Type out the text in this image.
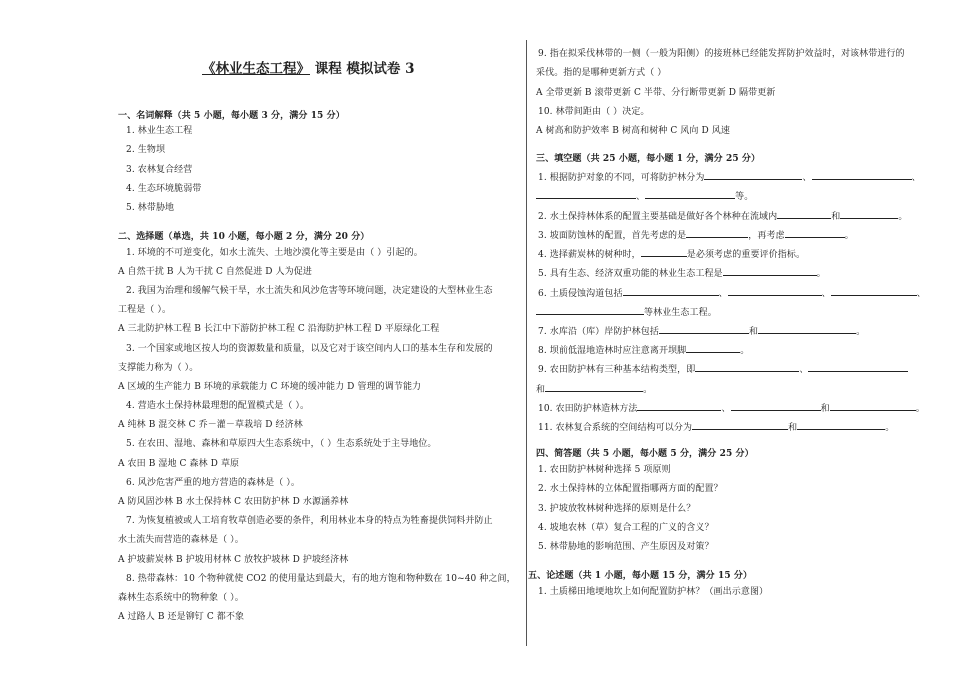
《林业生态工程》 课程 模拟试卷 3
一、名词解释（共 5 小题，每小题 3 分，满分 15 分）
1. 林业生态工程
2. 生物坝
3. 农林复合经营
4. 生态环境脆弱带
5. 林带胁地
二、选择题（单选，共 10 小题，每小题 2 分，满分 20 分）
1. 环境的不可逆变化，如水土流失、土地沙漠化等主要是由（ ）引起的。
A 自然干扰 B 人为干扰 C 自然促进 D 人为促进
2. 我国为治理和缓解气候干旱，水土流失和风沙危害等环境问题，决定建设的大型林业生态
工程是（ ）。
A 三北防护林工程 B 长江中下游防护林工程 C 沿海防护林工程 D 平原绿化工程
3. 一个国家或地区按人均的资源数量和质量，以及它对于该空间内人口的基本生存和发展的
支撑能力称为（ ）。
A 区域的生产能力 B 环境的承载能力 C 环境的缓冲能力 D 管理的调节能力
4. 营造水土保持林最理想的配置模式是（ ）。
A 纯林 B 混交林 C 乔－灌－草栽培 D 经济林
5. 在农田、湿地、森林和草原四大生态系统中，（ ）生态系统处于主导地位。
A 农田 B 湿地 C 森林 D 草原
6. 风沙危害严重的地方营造的森林是（ ）。
A 防风固沙林 B 水土保持林 C 农田防护林 D 水源涵养林
7. 为恢复植被或人工培育牧草创造必要的条件，利用林业本身的特点为牲畜提供饲料并防止
水土流失而营造的森林是（ ）。
A 护坡薪炭林 B 护坡用材林 C 放牧护坡林 D 护坡经济林
8. 热带森林：10 个物种就使 CO2 的使用量达到最大，有的地方饱和物种数在 10~40 种之间，
森林生态系统中的物种象（ ）。
A 过路人 B 还是铆钉 C 都不象
9. 指在拟采伐林带的一侧（一般为阳侧）的接班林已经能发挥防护效益时，对该林带进行的
采伐。指的是哪种更新方式（ ）
A 全带更新 B 滚带更新 C 半带、分行断带更新 D 隔带更新
10. 林带间距由（ ）决定。
A 树高和防护效率 B 树高和树种 C 风向 D 风速
三、填空题（共 25 小题，每小题 1 分，满分 25 分）
1. 根据防护对象的不同，可将防护林分为	、	、
、	等。
2. 水土保持林体系的配置主要基础是做好各个林种在流域内	和	。
3. 坡面防蚀林的配置，首先考虑的是	，再考虑	。
4. 选择薪炭林的树种时，	是必须考虑的重要评价指标。
5. 具有生态、经济双重功能的林业生态工程是	。
6. 土质侵蚀沟道包括	、	、	、
等林业生态工程。
7. 水库沿（库）岸防护林包括	和	。
8. 坝前低湿地造林时应注意离开坝脚	。
9. 农田防护林有三种基本结构类型，即	、
和	。
10. 农田防护林造林方法	、	和	。
11. 农林复合系统的空间结构可以分为	和	。
四、简答题（共 5 小题，每小题 5 分，满分 25 分）
1. 农田防护林树种选择 5 项原则
2. 水土保持林的立体配置指哪两方面的配置？
3. 护坡放牧林树种选择的原则是什么？
4. 坡地农林（草）复合工程的广义的含义？
5. 林带胁地的影响范围、产生原因及对策？
五、论述题（共 1 小题，每小题 15 分，满分 15 分）
1. 土质梯田地埂地坎上如何配置防护林？（画出示意图）
